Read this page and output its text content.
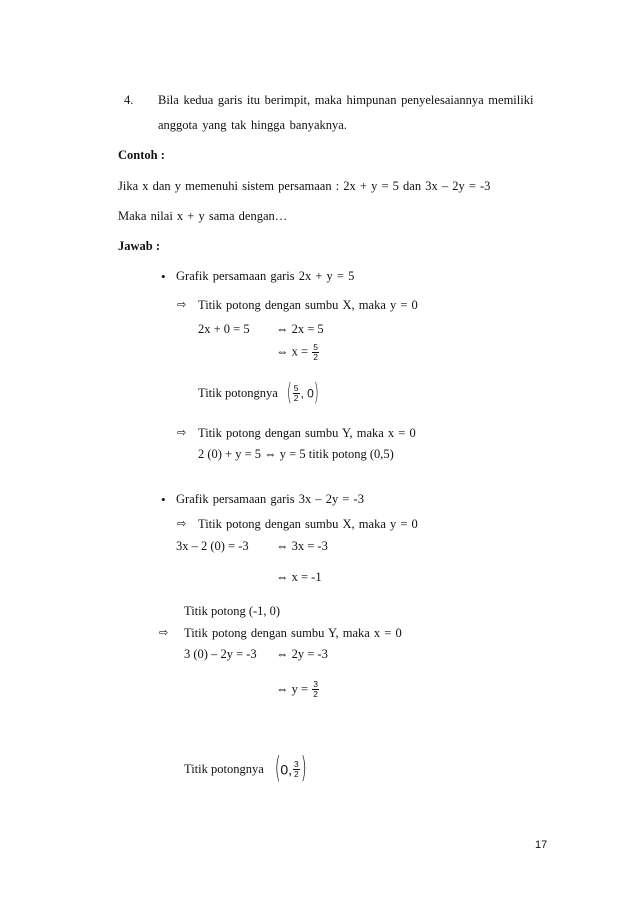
4. Bila kedua garis itu berimpit, maka himpunan penyelesaiannya memiliki
anggota yang tak hingga banyaknya.
Contoh :
Jika x dan y memenuhi sistem persamaan : 2x + y = 5 dan 3x – 2y = -3
Maka nilai x + y sama dengan…
Jawab :
• Grafik persamaan garis 2x + y = 5
⇨ Titik potong dengan sumbu X, maka y = 0
2x + 0 = 5 ⇔ 2x = 5
⇔ $x = \frac{5}{2}$
Titik potongnya ( $\frac{5}{2}$ , 0)
⇨ Titik potong dengan sumbu Y, maka x = 0
2 (0) + y = 5 ⇔ y = 5 titik potong (0,5)
• Grafik persamaan garis 3x – 2y = -3
⇨ Titik potong dengan sumbu X, maka y = 0
3x – 2 (0) = -3 ⇔ 3x = -3
⇔ x = -1
Titik potong (-1, 0)
⇨ Titik potong dengan sumbu Y, maka x = 0
3 (0) – 2y = -3 ⇔ 2y = -3
⇔ $y = \frac{3}{2}$
Titik potongnya (0, $\frac{3}{2}$ )
17
